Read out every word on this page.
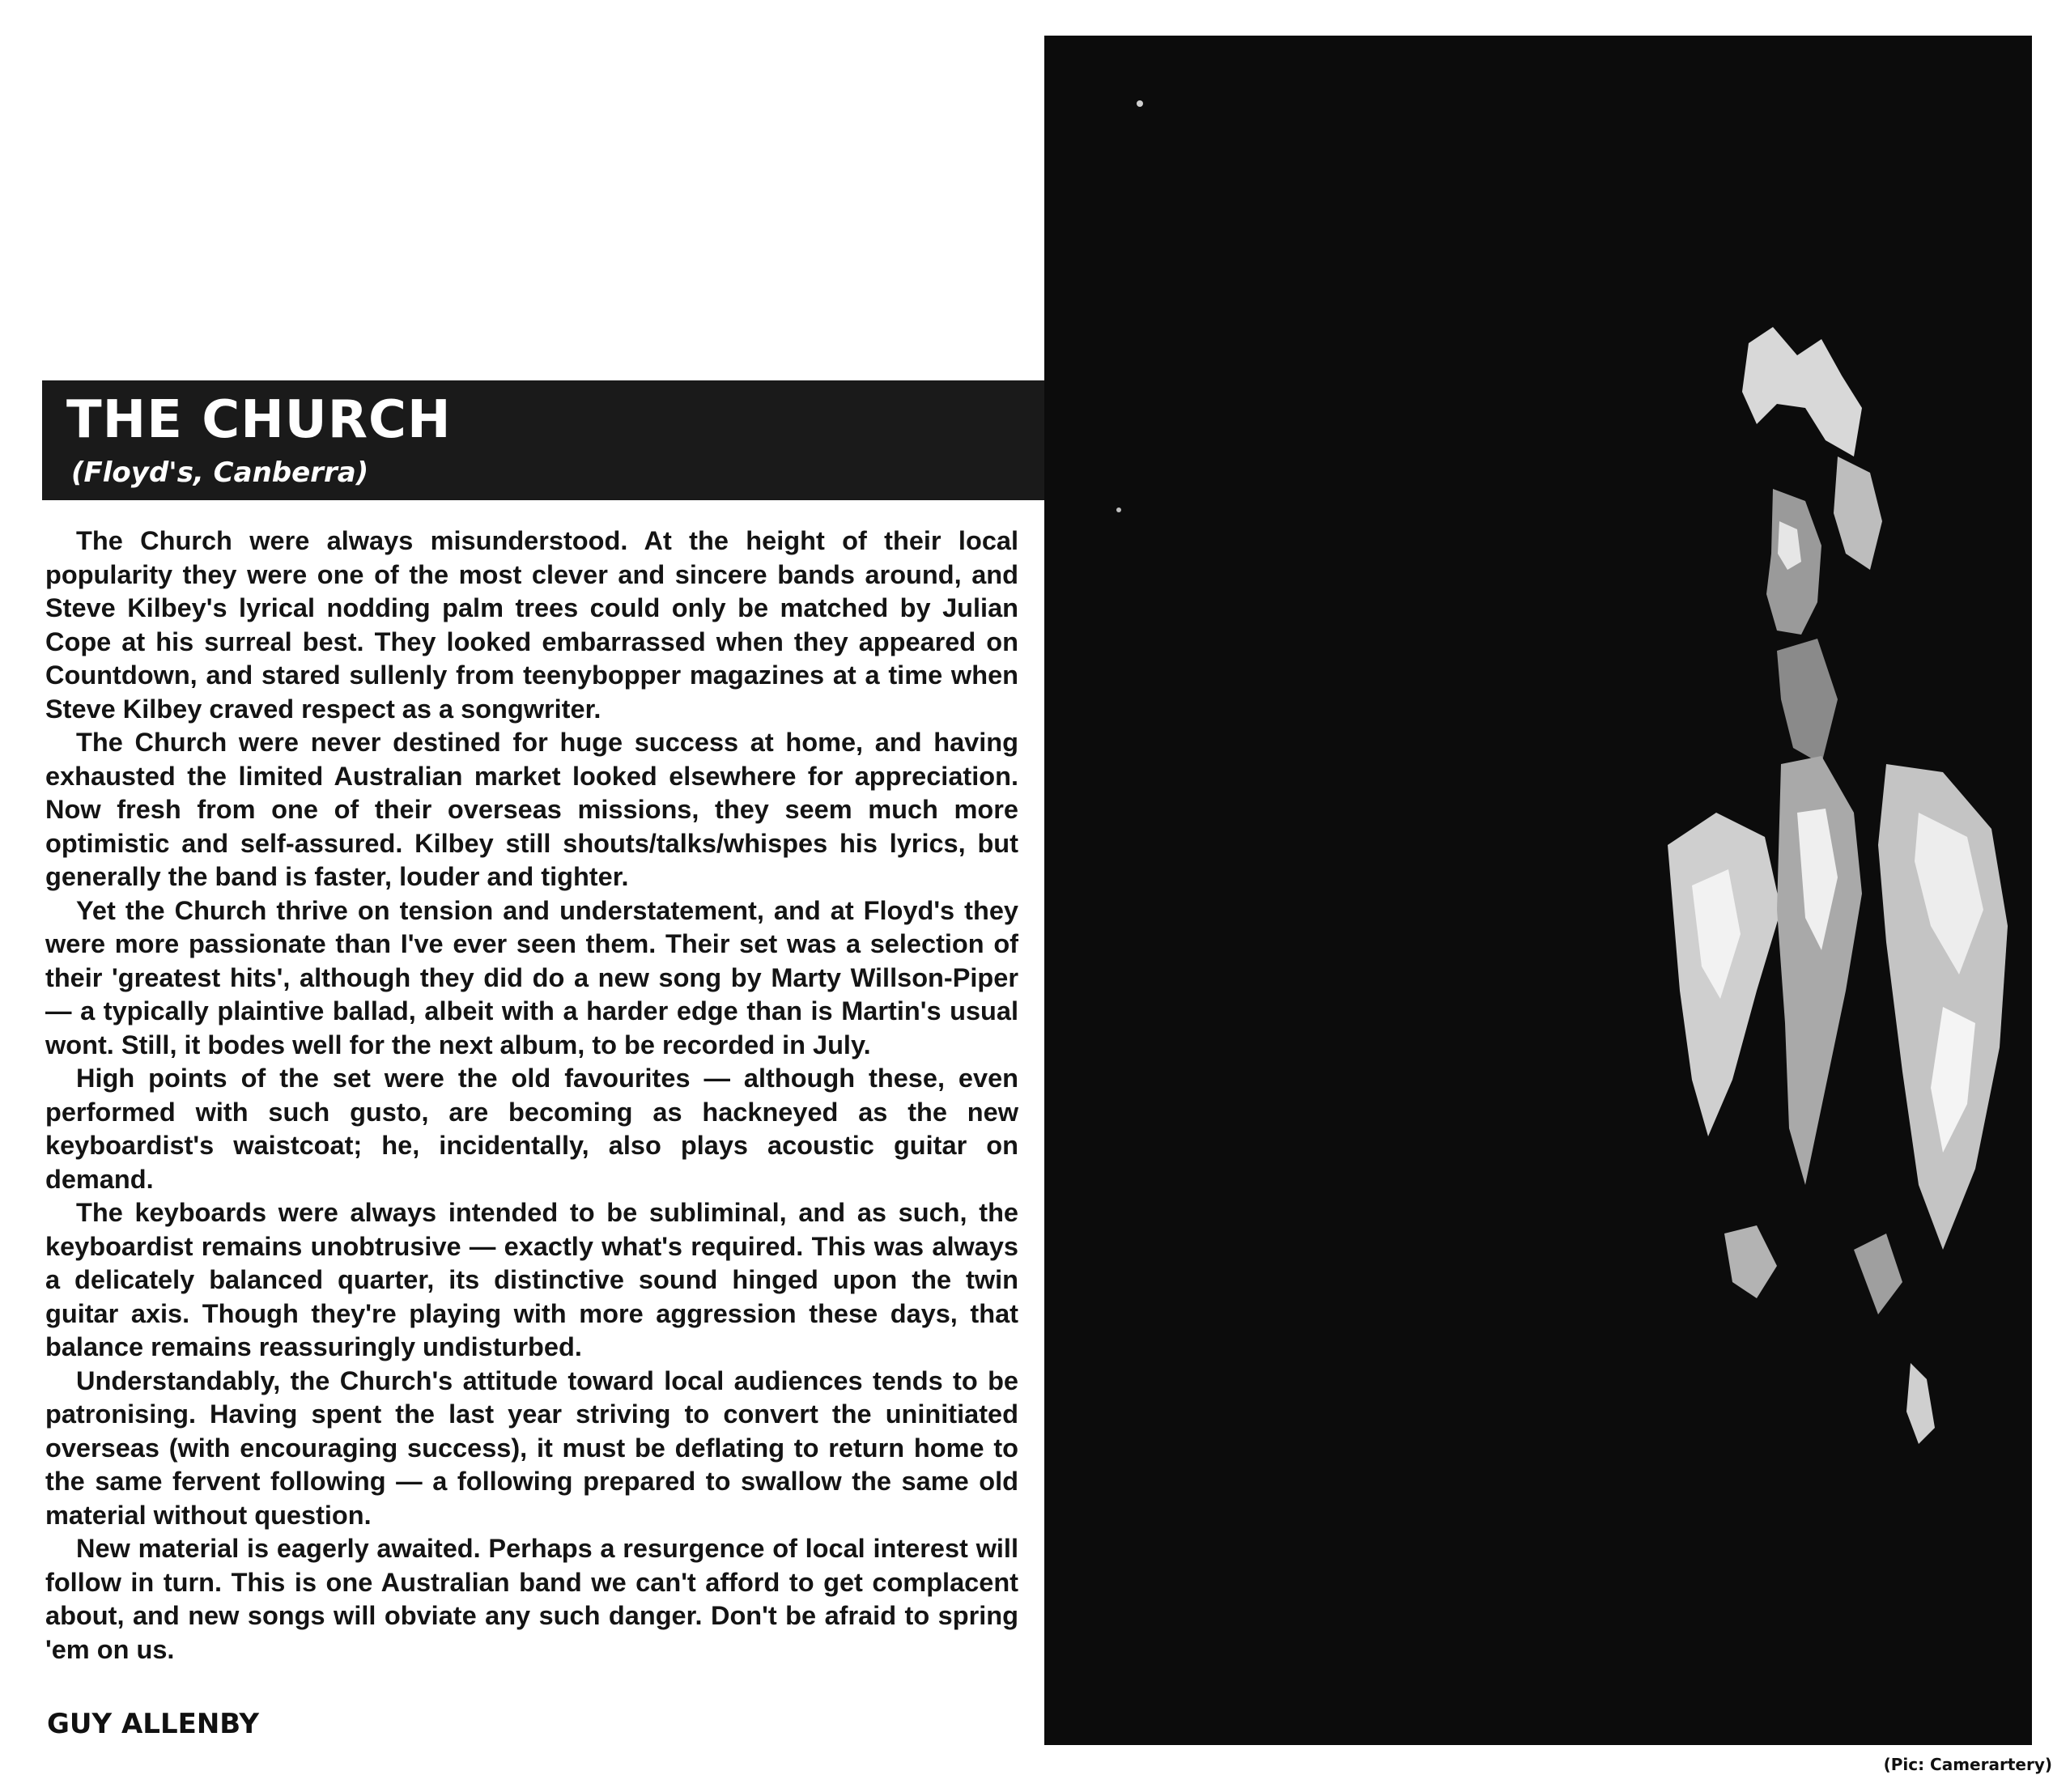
THE CHURCH

(Floyd's, Canberra)

The Church were always misunderstood. At the height of their local popularity they were one of the most clever and sincere bands around, and Steve Kilbey's lyrical nodding palm trees could only be matched by Julian Cope at his surreal best. They looked embarrassed when they appeared on Countdown, and stared sullenly from teenybopper magazines at a time when Steve Kilbey craved respect as a songwriter.

The Church were never destined for huge success at home, and having exhausted the limited Australian market looked elsewhere for appreciation. Now fresh from one of their overseas missions, they seem much more optimistic and self-assured. Kilbey still shouts/talks/whispes his lyrics, but generally the band is faster, louder and tighter.

Yet the Church thrive on tension and understatement, and at Floyd's they were more passionate than I've ever seen them. Their set was a selection of their 'greatest hits', although they did do a new song by Marty Willson-Piper — a typically plaintive ballad, albeit with a harder edge than is Martin's usual wont. Still, it bodes well for the next album, to be recorded in July.

High points of the set were the old favourites — although these, even performed with such gusto, are becoming as hackneyed as the new keyboardist's waistcoat; he, incidentally, also plays acoustic guitar on demand.

The keyboards were always intended to be subliminal, and as such, the keyboardist remains unobtrusive — exactly what's required. This was always a delicately balanced quarter, its distinctive sound hinged upon the twin guitar axis. Though they're playing with more aggression these days, that balance remains reassuringly undisturbed.

Understandably, the Church's attitude toward local audiences tends to be patronising. Having spent the last year striving to convert the uninitiated overseas (with encouraging success), it must be deflating to return home to the same fervent following — a following prepared to swallow the same old material without question.

New material is eagerly awaited. Perhaps a resurgence of local interest will follow in turn. This is one Australian band we can't afford to get complacent about, and new songs will obviate any such danger. Don't be afraid to spring 'em on us.

GUY ALLENBY

(Pic: Camerartery)
